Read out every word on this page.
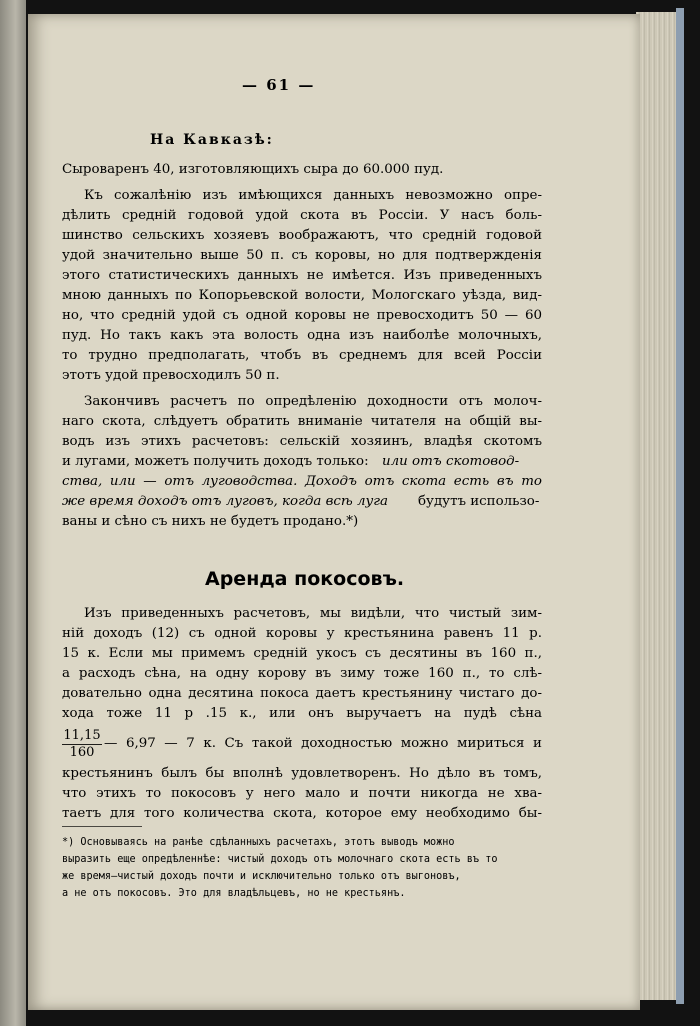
— 61 —
На Кавказѣ:
Сыроваренъ 40, изготовляющихъ сыра до 60.000 пуд.
Къ сожалѣнію изъ имѣющихся данныхъ невозможно опре-
дѣлить средній годовой удой скота въ Россіи. У насъ боль-
шинство сельскихъ хозяевъ воображаютъ, что средній годовой
удой значительно выше 50 п. съ коровы, но для подтвержденія
этого статистическихъ данныхъ не имѣется. Изъ приведенныхъ
мною данныхъ по Копорьевской волости, Мологскаго уѣзда, вид-
но, что средній удой съ одной коровы не превосходитъ 50 — 60
пуд. Но такъ какъ эта волость одна изъ наиболѣе молочныхъ,
то трудно предполагать, чтобъ въ среднемъ для всей Россіи
этотъ удой превосходилъ 50 п.
Закончивъ расчетъ по опредѣленію доходности отъ молоч-
наго скота, слѣдуетъ обратить вниманіе читателя на общій вы-
водъ изъ этихъ расчетовъ: сельскій хозяинъ, владѣя скотомъ
и лугами, можетъ получить доходъ только: или отъ скотовод-
ства, или — отъ луговодства. Доходъ отъ скота есть въ то
же время доходъ отъ луговъ, когда всѣ луга будутъ использо-
ваны и сѣно съ нихъ не будетъ продано.*)
Аренда покосовъ.
Изъ приведенныхъ расчетовъ, мы видѣли, что чистый зим-
ній доходъ (12) съ одной коровы у крестьянина равенъ 11 р.
15 к. Если мы примемъ средній укосъ съ десятины въ 160 п.,
а расходъ сѣна, на одну корову въ зиму тоже 160 п., то слѣ-
довательно одна десятина покоса даетъ крестьянину чистаго до-
хода тоже 11 р .15 к., или онъ выручаетъ на пудѣ сѣна
$\frac{11,15}{160}$ — 6,97 — 7 к. Съ такой доходностью можно мириться и
крестьянинъ былъ бы вполнѣ удовлетворенъ. Но дѣло въ томъ,
что этихъ то покосовъ у него мало и почти никогда не хва-
таетъ для того количества скота, которое ему необходимо бы-
*) Основываясь на ранѣе сдѣланныхъ расчетахъ, этотъ выводъ можно
выразить еще опредѣленнѣе: чистый доходъ отъ молочнаго скота есть въ то
же время—чистый доходъ почти и исключительно только отъ выгоновъ,
а не отъ покосовъ. Это для владѣльцевъ, но не крестьянъ.
